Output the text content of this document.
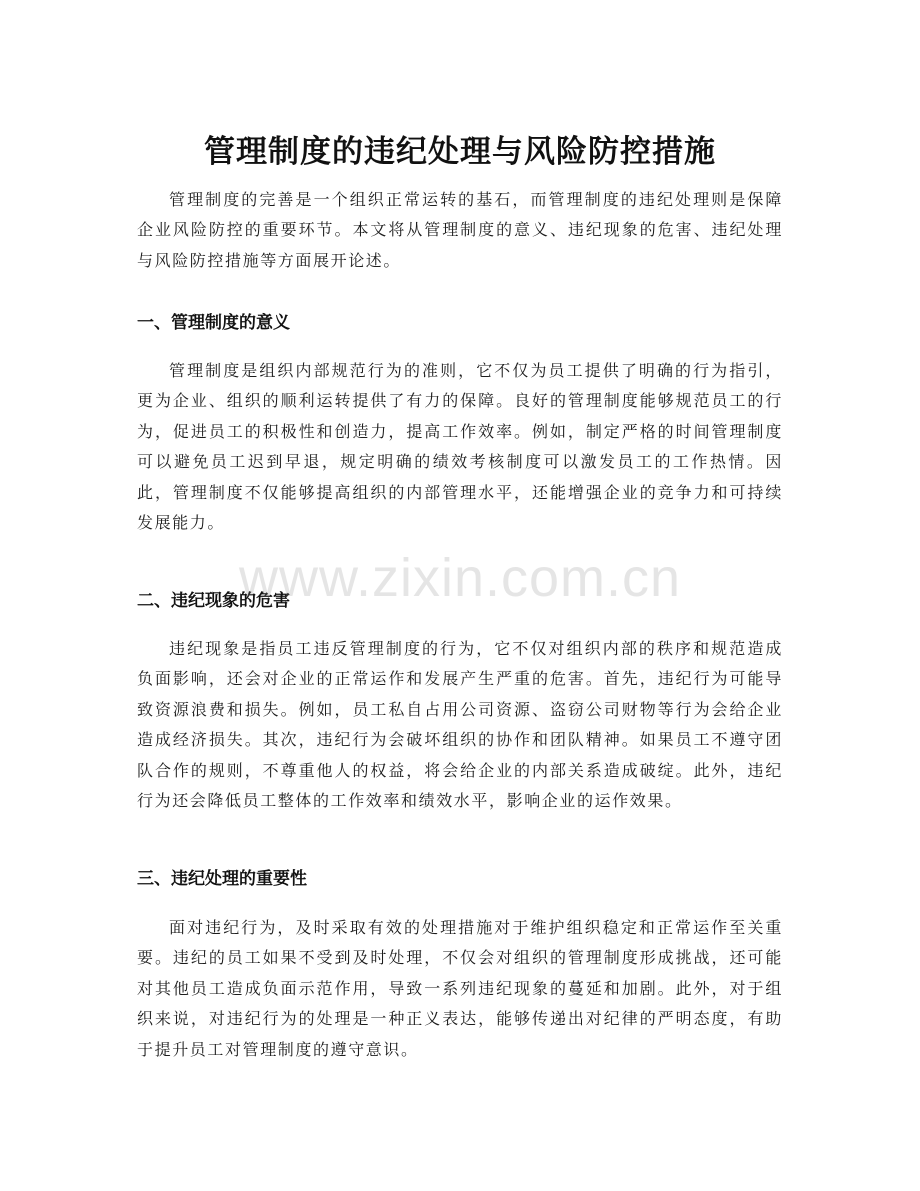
管理制度的违纪处理与风险防控措施

管理制度的完善是一个组织正常运转的基石，而管理制度的违纪处理则是保障企业风险防控的重要环节。本文将从管理制度的意义、违纪现象的危害、违纪处理与风险防控措施等方面展开论述。

一、管理制度的意义

管理制度是组织内部规范行为的准则，它不仅为员工提供了明确的行为指引，更为企业、组织的顺利运转提供了有力的保障。良好的管理制度能够规范员工的行为，促进员工的积极性和创造力，提高工作效率。例如，制定严格的时间管理制度可以避免员工迟到早退，规定明确的绩效考核制度可以激发员工的工作热情。因此，管理制度不仅能够提高组织的内部管理水平，还能增强企业的竞争力和可持续发展能力。

二、违纪现象的危害

违纪现象是指员工违反管理制度的行为，它不仅对组织内部的秩序和规范造成负面影响，还会对企业的正常运作和发展产生严重的危害。首先，违纪行为可能导致资源浪费和损失。例如，员工私自占用公司资源、盗窃公司财物等行为会给企业造成经济损失。其次，违纪行为会破坏组织的协作和团队精神。如果员工不遵守团队合作的规则，不尊重他人的权益，将会给企业的内部关系造成破绽。此外，违纪行为还会降低员工整体的工作效率和绩效水平，影响企业的运作效果。

三、违纪处理的重要性

面对违纪行为，及时采取有效的处理措施对于维护组织稳定和正常运作至关重要。违纪的员工如果不受到及时处理，不仅会对组织的管理制度形成挑战，还可能对其他员工造成负面示范作用，导致一系列违纪现象的蔓延和加剧。此外，对于组织来说，对违纪行为的处理是一种正义表达，能够传递出对纪律的严明态度，有助于提升员工对管理制度的遵守意识。

www.zixin.com.cn
